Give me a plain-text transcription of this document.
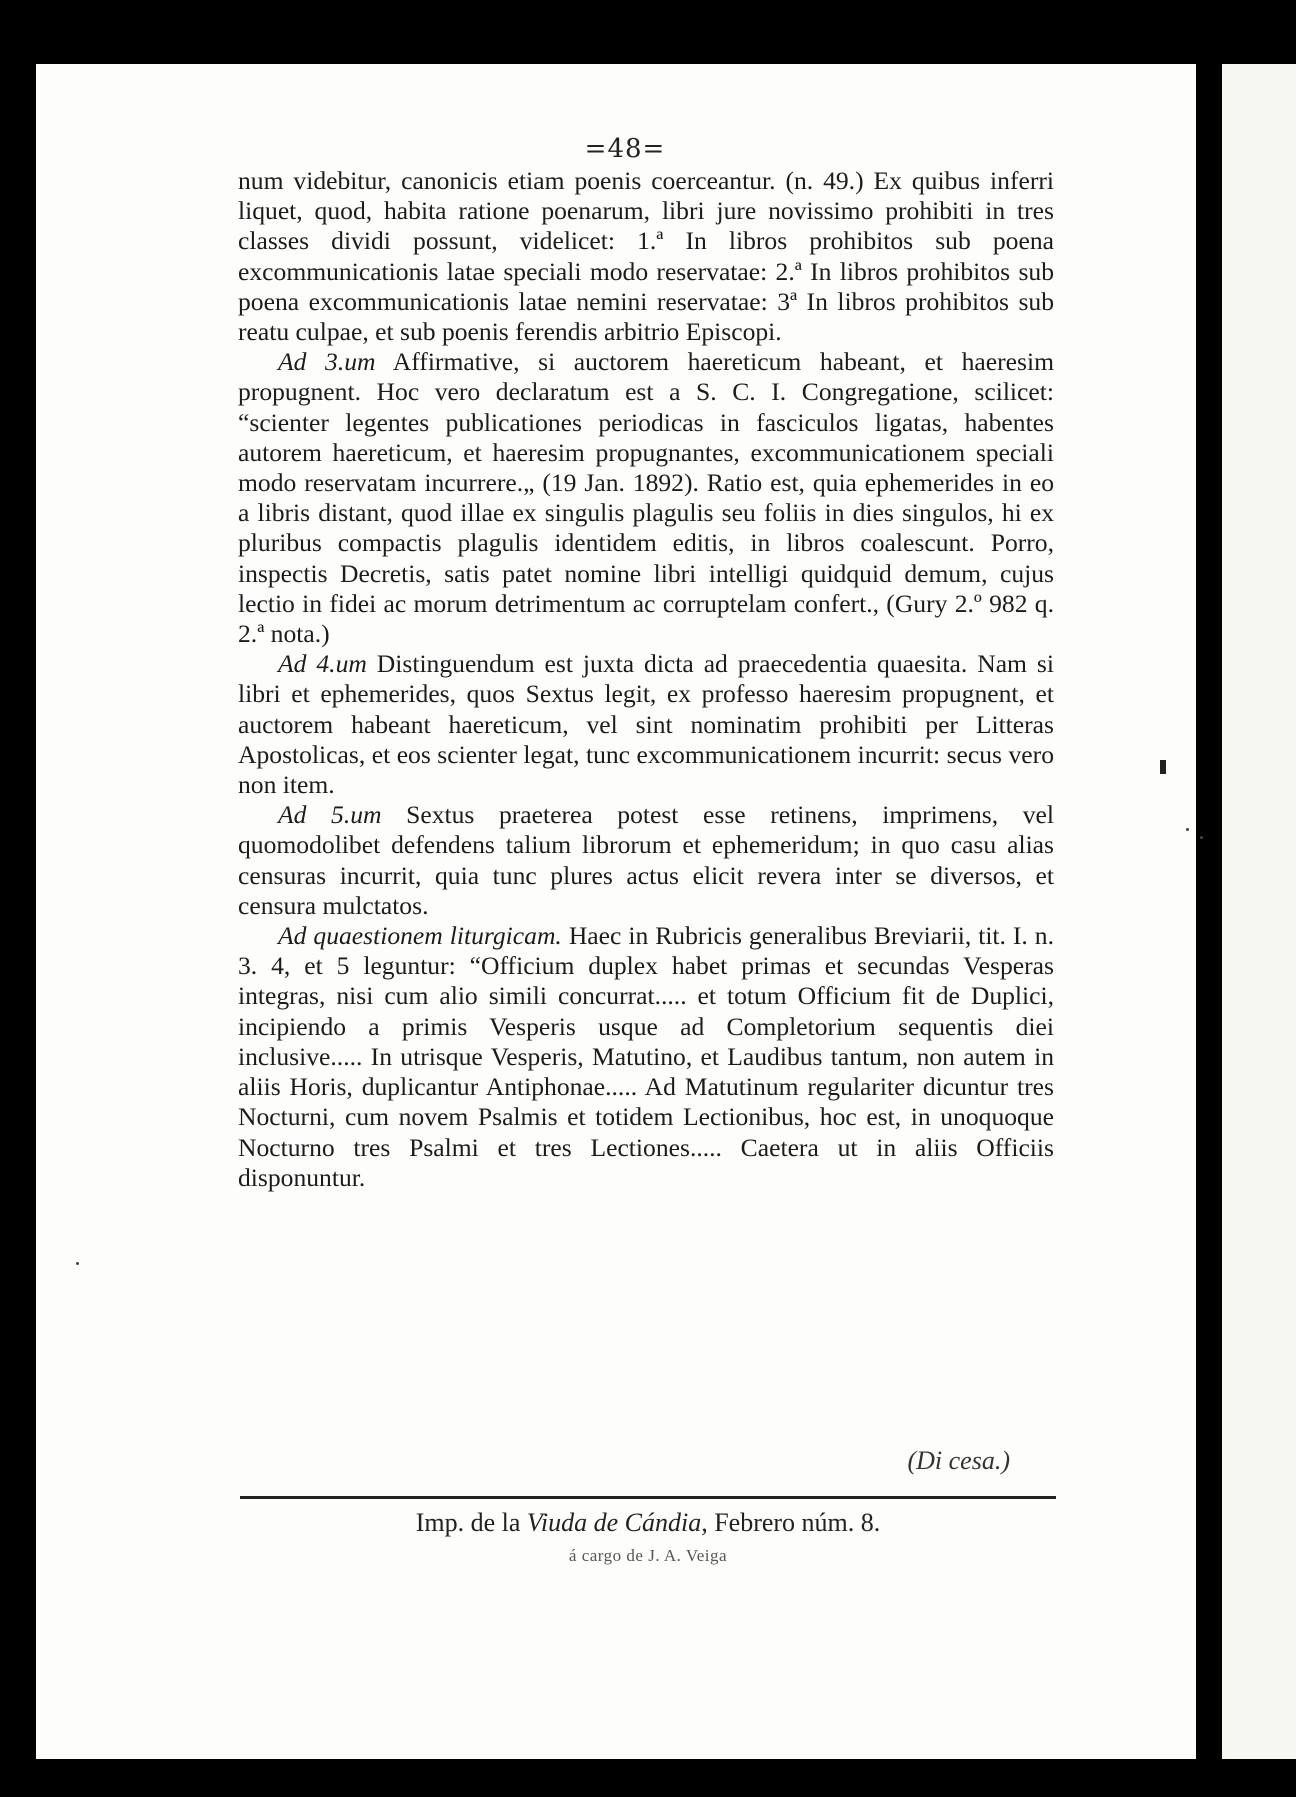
=48=

num videbitur, canonicis etiam poenis coerceantur. (n. 49.) Ex quibus inferri liquet, quod, habita ratione poenarum, libri jure novissimo prohibiti in tres classes dividi possunt, videlicet: 1.ª In libros prohibitos sub poena excommunicationis latae speciali modo reservatae: 2.ª In libros prohibitos sub poena excommunicationis latae nemini reservatae: 3ª In libros prohibitos sub reatu culpae, et sub poenis ferendis arbitrio Episcopi.

Ad 3.um Affirmative, si auctorem haereticum habeant, et haeresim propugnent. Hoc vero declaratum est a S. C. I. Congregatione, scilicet: “scienter legentes publicationes periodicas in fasciculos ligatas, habentes autorem haereticum, et haeresim propugnantes, excommunicationem speciali modo reservatam incurrere.„ (19 Jan. 1892). Ratio est, quia ephemerides in eo a libris distant, quod illae ex singulis plagulis seu foliis in dies singulos, hi ex pluribus compactis plagulis identidem editis, in libros coalescunt. Porro, inspectis Decretis, satis patet nomine libri intelligi quidquid demum, cujus lectio in fidei ac morum detrimentum ac corruptelam confert., (Gury 2.º 982 q. 2.ª nota.)

Ad 4.um Distinguendum est juxta dicta ad praecedentia quaesita. Nam si libri et ephemerides, quos Sextus legit, ex professo haeresim propugnent, et auctorem habeant haereticum, vel sint nominatim prohibiti per Litteras Apostolicas, et eos scienter legat, tunc excommunicationem incurrit: secus vero non item.

Ad 5.um Sextus praeterea potest esse retinens, imprimens, vel quomodolibet defendens talium librorum et ephemeridum; in quo casu alias censuras incurrit, quia tunc plures actus elicit revera inter se diversos, et censura mulctatos.

Ad quaestionem liturgicam. Haec in Rubricis generalibus Breviarii, tit. I. n. 3. 4, et 5 leguntur: “Officium duplex habet primas et secundas Vesperas integras, nisi cum alio simili concurrat..... et totum Officium fit de Duplici, incipiendo a primis Vesperis usque ad Completorium sequentis diei inclusive..... In utrisque Vesperis, Matutino, et Laudibus tantum, non autem in aliis Horis, duplicantur Antiphonae..... Ad Matutinum regulariter dicuntur tres Nocturni, cum novem Psalmis et totidem Lectionibus, hoc est, in unoquoque Nocturno tres Psalmi et tres Lectiones..... Caetera ut in aliis Officiis disponuntur.

(Di cesa.)
Imp. de la Viuda de Cándia, Febrero núm. 8.
á cargo de J. A. Veiga
